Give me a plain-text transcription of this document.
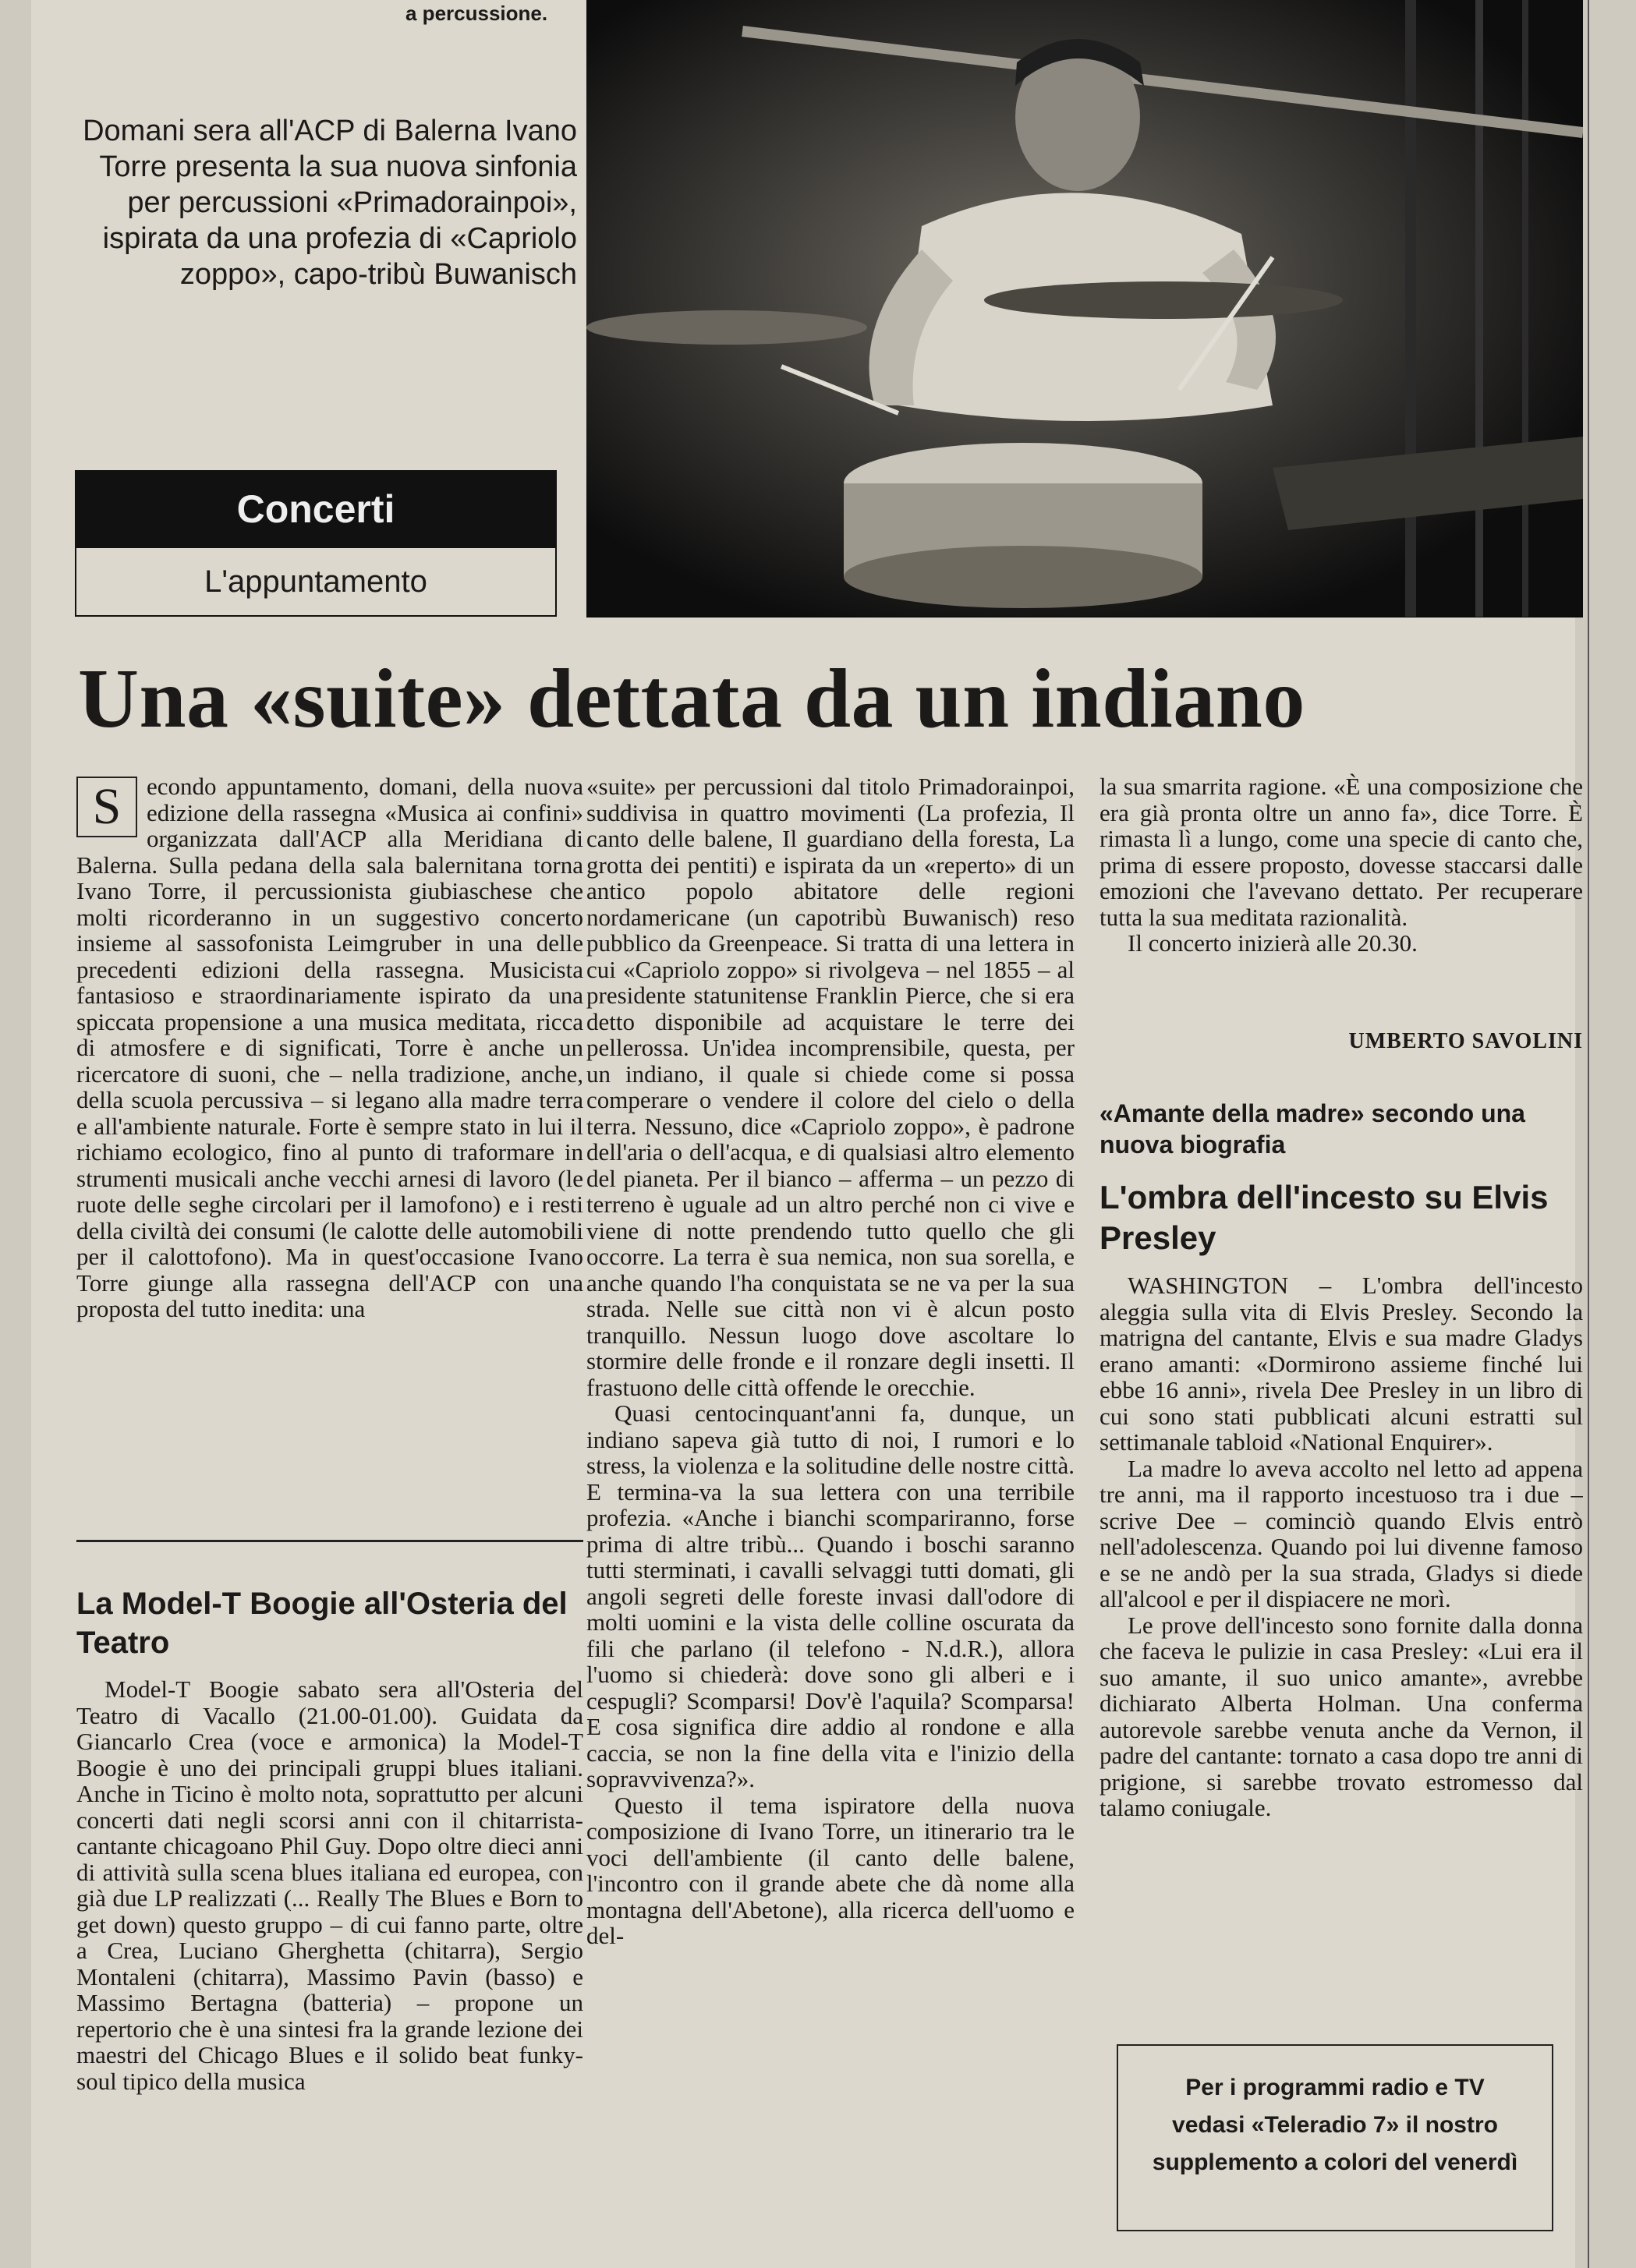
a percussione.
Domani sera all'ACP di Balerna Ivano Torre presenta la sua nuova sinfonia per percussioni «Primadorainpoi», ispirata da una profezia di «Capriolo zoppo», capo-tribù Buwanisch
Concerti
L'appuntamento
Una «suite» dettata da un indiano
S	econdo appuntamento, domani, della nuova edizione della rassegna «Musica ai confini» organizzata dall'ACP alla Meridiana di Balerna. Sulla pedana della sala balernitana torna Ivano Torre, il percussionista giubiaschese che molti ricorderanno in un suggestivo concerto insieme al sassofonista Leimgruber in una delle precedenti edizioni della rassegna. Musicista fantasioso e straordinariamente ispirato da una spiccata propensione a una musica meditata, ricca di atmosfere e di significati, Torre è anche un ricercatore di suoni, che – nella tradizione, anche, della scuola percussiva – si legano alla madre terra e all'ambiente naturale. Forte è sempre stato in lui il richiamo ecologico, fino al punto di traformare in strumenti musicali anche vecchi arnesi di lavoro (le ruote delle seghe circolari per il lamofono) e i resti della civiltà dei consumi (le calotte delle automobili per il calottofono). Ma in quest'occasione Ivano Torre giunge alla rassegna dell'ACP con una proposta del tutto inedita: una

La Model-T Boogie all'Osteria del Teatro

Model-T Boogie sabato sera all'Osteria del Teatro di Vacallo (21.00-01.00). Guidata da Giancarlo Crea (voce e armonica) la Model-T Boogie è uno dei principali gruppi blues italiani. Anche in Ticino è molto nota, soprattutto per alcuni concerti dati negli scorsi anni con il chitarrista-cantante chicagoano Phil Guy. Dopo oltre dieci anni di attività sulla scena blues italiana ed europea, con già due LP realizzati (... Really The Blues e Born to get down) questo gruppo – di cui fanno parte, oltre a Crea, Luciano Gherghetta (chitarra), Sergio Montaleni (chitarra), Massimo Pavin (basso) e Massimo Bertagna (batteria) – propone un repertorio che è una sintesi fra la grande lezione dei maestri del Chicago Blues e il solido beat funky-soul tipico della musica

«suite» per percussioni dal titolo Primadorainpoi, suddivisa in quattro movimenti (La profezia, Il canto delle balene, Il guardiano della foresta, La grotta dei pentiti) e ispirata da un «reperto» di un antico popolo abitatore delle regioni nordamericane (un capotribù Buwanisch) reso pubblico da Greenpeace. Si tratta di una lettera in cui «Capriolo zoppo» si rivolgeva – nel 1855 – al presidente statunitense Franklin Pierce, che si era detto disponibile ad acquistare le terre dei pellerossa. Un'idea incomprensibile, questa, per un indiano, il quale si chiede come si possa comperare o vendere il colore del cielo o della terra. Nessuno, dice «Capriolo zoppo», è padrone dell'aria o dell'acqua, e di qualsiasi altro elemento del pianeta. Per il bianco – afferma – un pezzo di terreno è uguale ad un altro perché non ci vive e viene di notte prendendo tutto quello che gli occorre. La terra è sua nemica, non sua sorella, e anche quando l'ha conquistata se ne va per la sua strada. Nelle sue città non vi è alcun posto tranquillo. Nessun luogo dove ascoltare lo stormire delle fronde e il ronzare degli insetti. Il frastuono delle città offende le orecchie.

Quasi centocinquant'anni fa, dunque, un indiano sapeva già tutto di noi, I rumori e lo stress, la violenza e la solitudine delle nostre città. E termina-va la sua lettera con una terribile profezia. «Anche i bianchi scompariranno, forse prima di altre tribù... Quando i boschi saranno tutti sterminati, i cavalli selvaggi tutti domati, gli angoli segreti delle foreste invasi dall'odore di molti uomini e la vista delle colline oscurata da fili che parlano (il telefono - N.d.R.), allora l'uomo si chiederà: dove sono gli alberi e i cespugli? Scomparsi! Dov'è l'aquila? Scomparsa! E cosa significa dire addio al rondone e alla caccia, se non la fine della vita e l'inizio della sopravvivenza?».

Questo il tema ispiratore della nuova composizione di Ivano Torre, un itinerario tra le voci dell'ambiente (il canto delle balene, l'incontro con il grande abete che dà nome alla montagna dell'Abetone), alla ricerca dell'uomo e del-

la sua smarrita ragione. «È una composizione che era già pronta oltre un anno fa», dice Torre. È rimasta lì a lungo, come una specie di canto che, prima di essere proposto, dovesse staccarsi dalle emozioni che l'avevano dettato. Per recuperare tutta la sua meditata razionalità.

Il concerto inizierà alle 20.30.

UMBERTO SAVOLINI
«Amante della madre» secondo una nuova biografia
L'ombra dell'incesto su Elvis Presley

WASHINGTON – L'ombra dell'incesto aleggia sulla vita di Elvis Presley. Secondo la matrigna del cantante, Elvis e sua madre Gladys erano amanti: «Dormirono assieme finché lui ebbe 16 anni», rivela Dee Presley in un libro di cui sono stati pubblicati alcuni estratti sul settimanale tabloid «National Enquirer».

La madre lo aveva accolto nel letto ad appena tre anni, ma il rapporto incestuoso tra i due – scrive Dee – cominciò quando Elvis entrò nell'adolescenza. Quando poi lui divenne famoso e se ne andò per la sua strada, Gladys si diede all'alcool e per il dispiacere ne morì.

Le prove dell'incesto sono fornite dalla donna che faceva le pulizie in casa Presley: «Lui era il suo amante, il suo unico amante», avrebbe dichiarato Alberta Holman. Una conferma autorevole sarebbe venuta anche da Vernon, il padre del cantante: tornato a casa dopo tre anni di prigione, si sarebbe trovato estromesso dal talamo coniugale.

Per i programmi radio e TV vedasi «Teleradio 7» il nostro supplemento a colori del venerdì
